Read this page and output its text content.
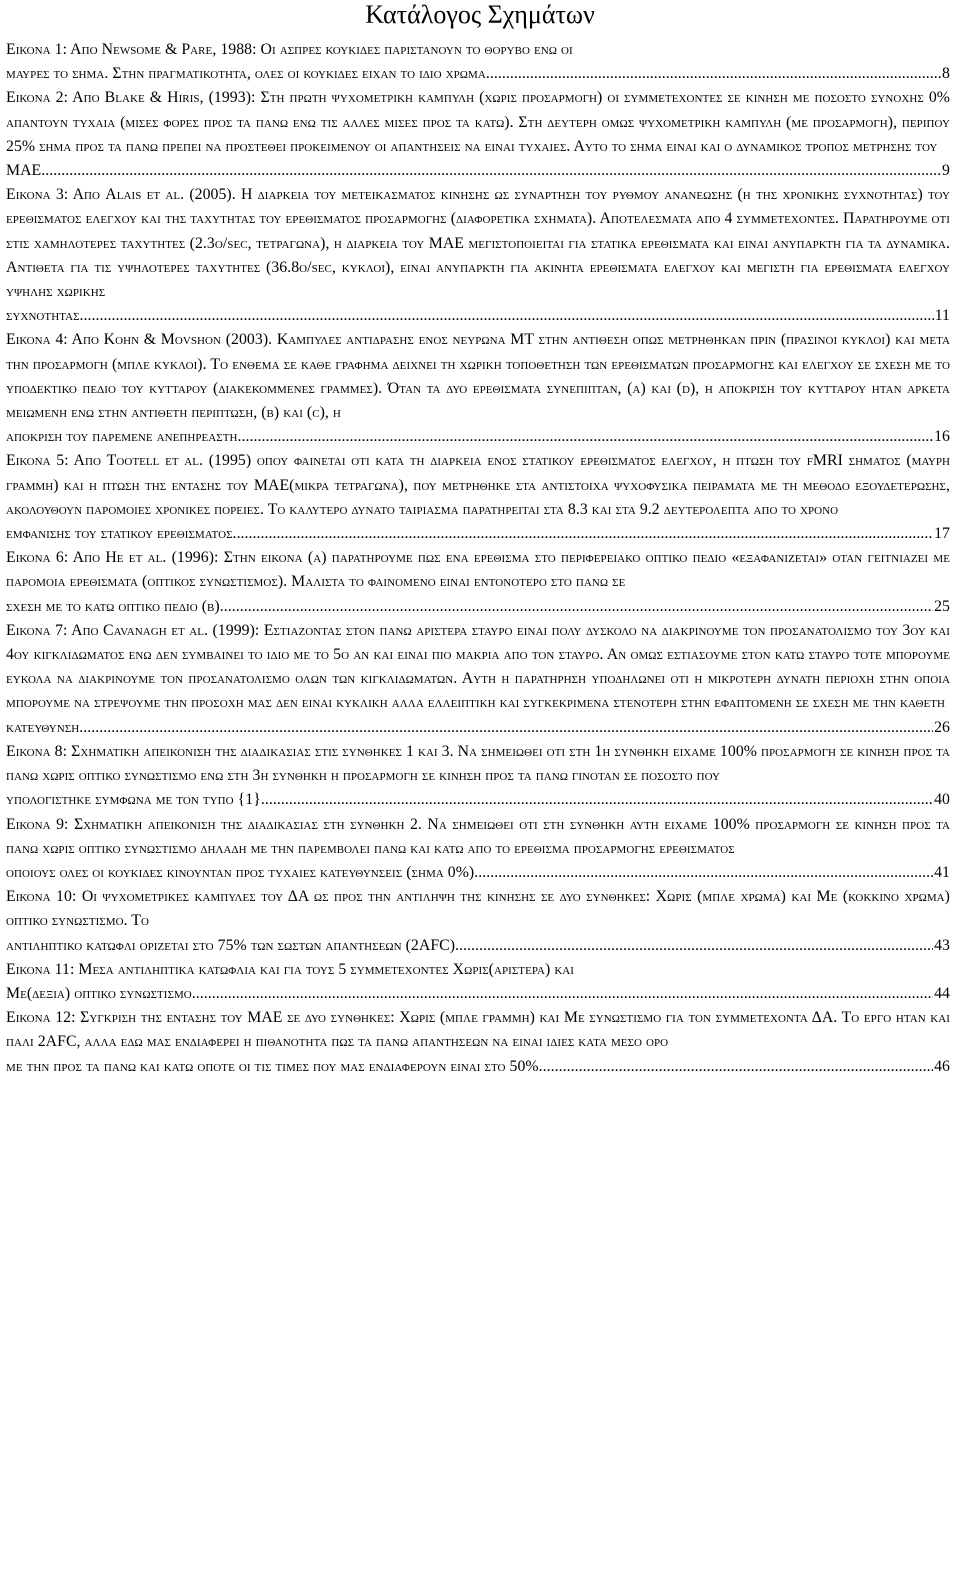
Κατάλογος Σχημάτων
Εικονα 1: Απο Newsome & Pare, 1988: Οι ασπρες κουκιδες παριστανουν το θορυβο ενω οι
μαυρες το σημα. Στην πραγματικοτητα, ολες οι κουκιδες ειχαν το ιδιο χρωμα. .....	8
Εικονα 2: Απο Blake & Hiris, (1993): Στη πρωτη ψυχομετρικη καμπυλη (χωρις προσαρμογη) οι συμμετεχοντες σε κινηση με ποσοστο συνοχης 0% απαντουν τυχαια (μισες φορες προς τα πανω ενω τις αλλες μισες προς τα κατω). Στη δευτερη ομως ψυχομετρικη καμπυλη (με προσαρμογη), περιπου 25% σημα προς τα πανω πρεπει να προστεθει προκειμενου οι απαντησεις να ειναι τυχαιες. Αυτο το σημα ειναι και ο δυναμικος τροπος μετρησης του
ΜΑΕ. .....	9
Εικονα 3: Απο Alais et al. (2005). Η διαρκεια του μετεικασματος κινησης ως συναρτηση του ρυθμου ανανεωσης (η της χρονικης συχνοτητας) του ερεθισματος ελεγχου και της ταχυτητας του ερεθισματος προσαρμογης (διαφορετικα σχηματα). Αποτελεσματα απο 4 συμμετεχοντες. Παρατηρουμε οτι στις χαμηλοτερες ταχυτητες (2.3ο/sec, τετραγωνα), η διαρκεια του ΜΑΕ μεγιστοποιειται για στατικα ερεθισματα και ειναι ανυπαρκτη για τα δυναμικα. Αντιθετα για τις υψηλοτερες ταχυτητες (36.8ο/sec, κυκλοι), ειναι ανυπαρκτη για ακινητα ερεθισματα ελεγχου και μεγιστη για ερεθισματα ελεγχου υψηλης χωρικης
συχνοτητας. .....	11
Εικονα 4: Απο Kohn & Movshon (2003). Καμπυλες αντιδρασης ενος νευρωνα ΜΤ στην αντιθεση οπως μετρηθηκαν πριν (πρασινοι κυκλοι) και μετα την προσαρμογη (μπλε κυκλοι). Το ενθεμα σε καθε γραφημα δειχνει τη χωρικη τοποθετηση των ερεθισματων προσαρμογης και ελεγχου σε σχεση με το υποδεκτικο πεδιο του κυτταρου (διακεκομμενες γραμμες). Όταν τα δυο ερεθισματα συνεπιπταν, (a) και (d), η αποκριση του κυτταρου ηταν αρκετα μειωμενη ενω στην αντιθετη περιπτωση, (b) και (c), η
αποκριση του παρεμενε ανεπηρεαστη. .....	16
Εικονα 5: Απο Tootell et al. (1995) οπου φαινεται οτι κατα τη διαρκεια ενος στατικου ερεθισματος ελεγχου, η πτωση του fMRI σηματος (μαυρη γραμμη) και η πτωση της εντασης του ΜΑΕ(μικρα τετραγωνα), που μετρηθηκε στα αντιστοιχα ψυχοφυσικα πειραματα με τη μεθοδο εξουδετερωσης, ακολουθουν παρομοιες χρονικες πορειες. Το καλυτερο δυνατο ταιριασμα παρατηρειται στα 8.3 και στα 9.2 δευτερολεπτα απο το χρονο
εμφανισης του στατικου ερεθισματος. .....	17
Εικονα 6: Απο He et al. (1996): Στην εικονα (a) παρατηρουμε πως ενα ερεθισμα στο περιφερειακο οπτικο πεδιο «εξαφανιζεται» οταν γειτνιαζει με παρομοια ερεθισματα (οπτικος συνωστισμος). Μαλιστα το φαινομενο ειναι εντονοτερο στο πανω σε
σχεση με το κατω οπτικο πεδιο (b). .....	25
Εικονα 7: Απο Cavanagh et al. (1999): Εστιαζοντας στον πανω αριστερα σταυρο ειναι πολυ δυσκολο να διακρινουμε τον προσανατολισμο του 3ου και 4ου κιγκλιδωματος ενω δεν συμβαινει το ιδιο με το 5ο αν και ειναι πιο μακρια απο τον σταυρο. Αν ομως εστιασουμε στον κατω σταυρο τοτε μπορουμε ευκολα να διακρινουμε τον προσανατολισμο ολων των κιγκλιδωματων. Αυτη η παρατηρηση υποδηλωνει οτι η μικροτερη δυνατη περιοχη στην οποια μπορουμε να στρεψουμε την προσοχη μας δεν ειναι κυκλικη αλλα ελλειπτικη και συγκεκριμενα στενοτερη στην εφαπτομενη σε σχεση με την καθετη
κατευθυνση. .....	26
Εικονα 8: Σχηματικη απεικονιση της διαδικασιας στις συνθηκες 1 και 3. Να σημειωθει οτι στη 1η συνθηκη ειχαμε 100% προσαρμογη σε κινηση προς τα πανω χωρις οπτικο συνωστισμο ενω στη 3η συνθηκη η προσαρμογη σε κινηση προς τα πανω γινοταν σε ποσοστο που
υπολογιστηκε συμφωνα με τον τυπο {1}. .....	40
Εικονα 9: Σχηματικη απεικονιση της διαδικασιας στη συνθηκη 2. Να σημειωθει οτι στη συνθηκη αυτη ειχαμε 100% προσαρμογη σε κινηση προς τα πανω χωρις οπτικο συνωστισμο δηλαδη με την παρεμβολει πανω και κατω απο το ερεθισμα προσαρμογης ερεθισματος
οποιους ολες οι κουκιδες κινουνταν προς τυχαιες κατευθυνσεις (σημα 0%). .....	41
Εικονα 10: Οι ψυχομετρικες καμπυλες του ΔΑ ως προς την αντιληψη της κινησης σε δυο συνθηκες: Χωρις (μπλε χρωμα) και Με (κοκκινο χρωμα) οπτικο συνωστισμο. Το
αντιληπτικο κατωφλι οριζεται στο 75% των σωστων απαντησεων (2AFC) .....	43
Εικονα 11: Μεσα αντιληπτικα κατωφλια και για τους 5 συμμετεχοντες Χωρις(αριστερα) και
Με(δεξια) οπτικο συνωστισμο. .....	44
Εικονα 12: Συγκριση της εντασης του ΜΑΕ σε δυο συνθηκες: Χωρις (μπλε γραμμη) και Με συνωστισμο για τον συμμετεχοντα ΔΑ. Το εργο ηταν και παλι 2AFC, αλλα εδω μας ενδιαφερει η πιθανοτητα πως τα πανω απαντησεων να ειναι ιδιες κατα μεσο ορο
με την προς τα πανω και κατω οποτε οι τις τιμες που μας ενδιαφερουν ειναι στο 50%. .....	46
